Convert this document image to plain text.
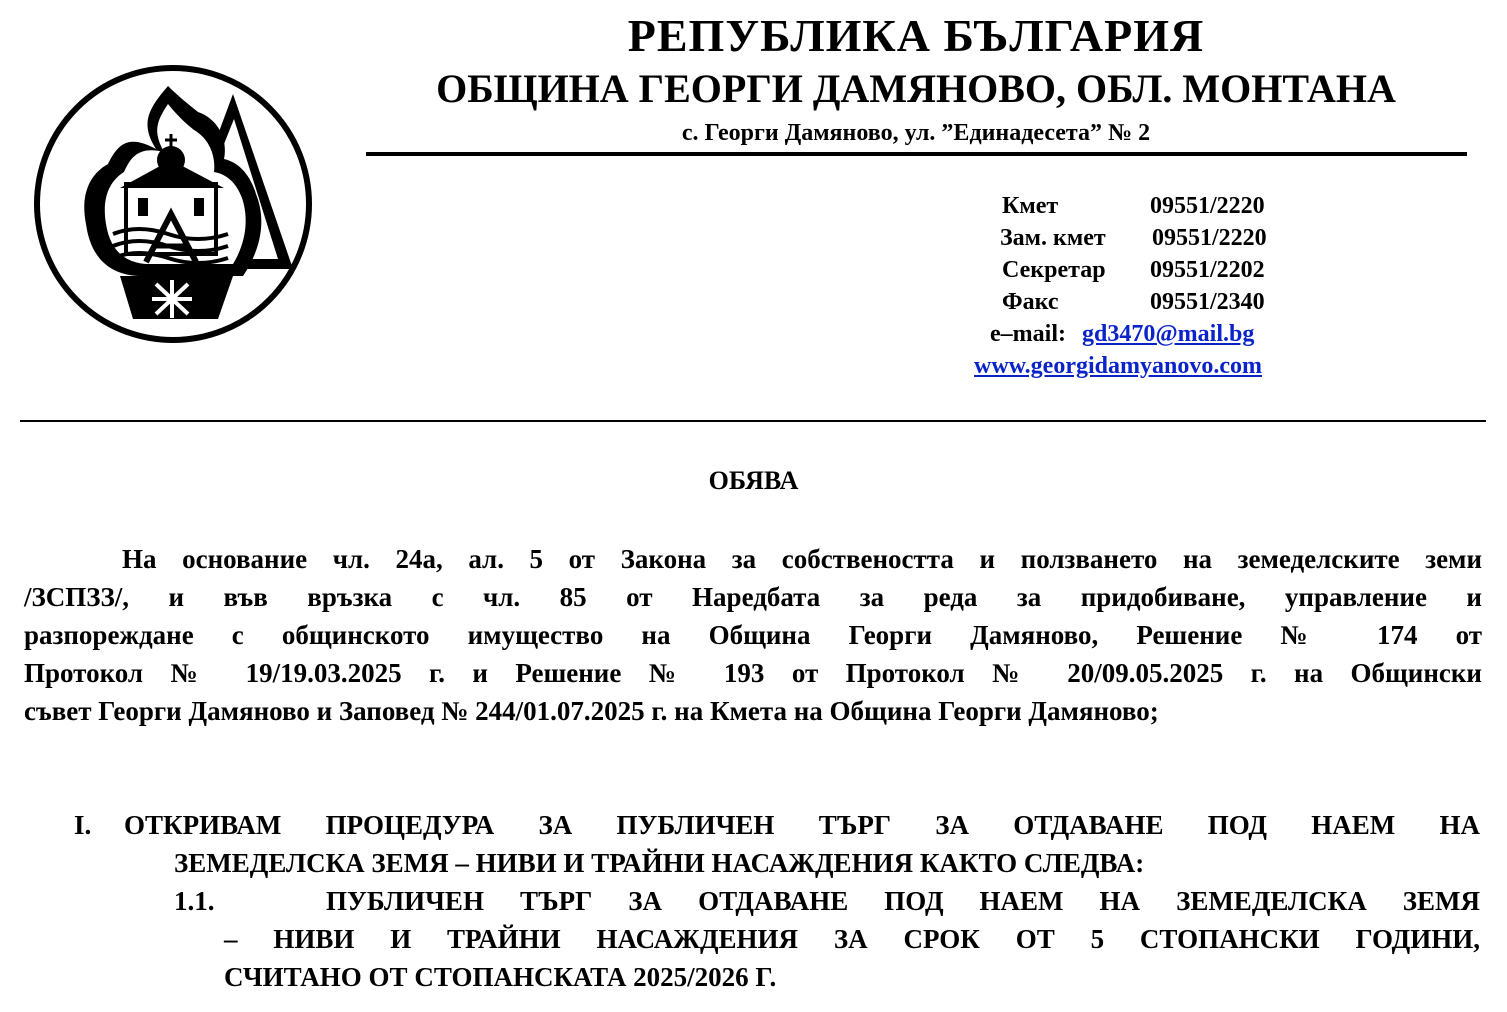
РЕПУБЛИКА БЪЛГАРИЯ
ОБЩИНА ГЕОРГИ ДАМЯНОВО, ОБЛ. МОНТАНА
с. Георги Дамяново, ул. ”Единадесета” № 2
Кмет	09551/2220
Зам. кмет 09551/2220
Секретар 09551/2202
Факс	09551/2340
e–mail: gd3470@mail.bg
www.georgidamyanovo.com
ОБЯВА
На основание чл. 24а, ал. 5 от Закона за собствеността и ползването на земеделските земи
/ЗСПЗЗ/, и във връзка с чл. 85 от Наредбата за реда за придобиване, управление и
разпореждане с общинското имущество на Община Георги Дамяново, Решение № 174 от
Протокол № 19/19.03.2025 г. и Решение № 193 от Протокол № 20/09.05.2025 г. на Общински
съвет Георги Дамяново и Заповед № 244/01.07.2025 г. на Кмета на Община Георги Дамяново;
I. ОТКРИВАМ ПРОЦЕДУРА ЗА ПУБЛИЧЕН ТЪРГ ЗА ОТДАВАНЕ ПОД НАЕМ НА
ЗЕМЕДЕЛСКА ЗЕМЯ – НИВИ И ТРАЙНИ НАСАЖДЕНИЯ КАКТО СЛЕДВА:
1.1.	ПУБЛИЧЕН ТЪРГ ЗА ОТДАВАНЕ ПОД НАЕМ НА ЗЕМЕДЕЛСКА ЗЕМЯ
– НИВИ И ТРАЙНИ НАСАЖДЕНИЯ ЗА СРОК ОТ 5 СТОПАНСКИ ГОДИНИ,
СЧИТАНО ОТ СТОПАНСКАТА 2025/2026 Г.
